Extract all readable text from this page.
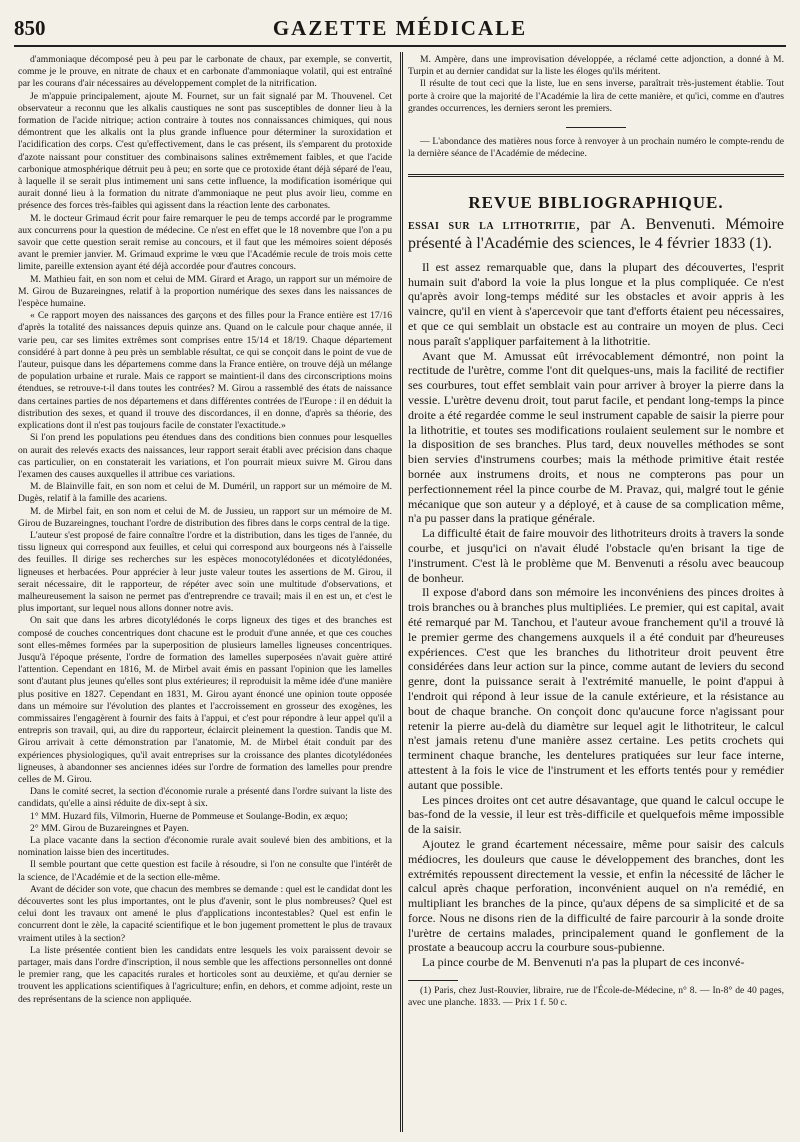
850	GAZETTE MÉDICALE

d'ammoniaque décomposé peu à peu par le carbonate de chaux, par exemple, se convertit, comme je le prouve, en nitrate de chaux et en carbonate d'ammoniaque volatil, qui est entraîné par les courans d'air nécessaires au développement complet de la nitrification.

Je m'appuie principalement, ajoute M. Fournet, sur un fait signalé par M. Thouvenel. Cet observateur a reconnu que les alkalis caustiques ne sont pas susceptibles de donner lieu à la formation de l'acide nitrique; action contraire à toutes nos connaissances chimiques, qui nous démontrent que les alkalis ont la plus grande influence pour déterminer la suroxidation et l'acidification des corps. C'est qu'effectivement, dans le cas présent, ils s'emparent du protoxide d'azote naissant pour constituer des combinaisons salines extrêmement faibles, et que l'acide carbonique atmosphérique détruit peu à peu; en sorte que ce protoxide étant déjà séparé de l'eau, à laquelle il se serait plus intimement uni sans cette influence, la modification isomérique qui aurait donné lieu à la formation du nitrate d'ammoniaque ne peut plus avoir lieu, comme en présence des forces très-faibles qui agissent dans la réaction lente des carbonates.

M. le docteur Grimaud écrit pour faire remarquer le peu de temps accordé par le programme aux concurrens pour la question de médecine. Ce n'est en effet que le 18 novembre que l'on a pu savoir que cette question serait remise au concours, et il faut que les mémoires soient déposés avant le premier janvier. M. Grimaud exprime le vœu que l'Académie recule de trois mois cette limite, pareille extension ayant été déjà accordée pour d'autres concours.

M. Mathieu fait, en son nom et celui de MM. Girard et Arago, un rapport sur un mémoire de M. Girou de Buzareingnes, relatif à la proportion numérique des sexes dans les naissances de l'espèce humaine.

« Ce rapport moyen des naissances des garçons et des filles pour la France entière est 17/16 d'après la totalité des naissances depuis quinze ans. Quand on le calcule pour chaque année, il varie peu, car ses limites extrêmes sont comprises entre 15/14 et 18/19. Chaque département considéré à part donne à peu près un semblable résultat, ce qui se conçoit dans le point de vue de l'auteur, puisque dans les départemens comme dans la France entière, on trouve déjà un mélange de population urbaine et rurale. Mais ce rapport se maintient-il dans des circonscriptions moins étendues, se retrouve-t-il dans toutes les contrées? M. Girou a rassemblé des états de naissance dans certaines parties de nos départemens et dans différentes contrées de l'Europe : il en déduit la distribution des sexes, et quand il trouve des discordances, il en donne, d'après sa théorie, des explications dont il n'est pas toujours facile de constater l'exactitude.»

Si l'on prend les populations peu étendues dans des conditions bien connues pour lesquelles on aurait des relevés exacts des naissances, leur rapport serait établi avec précision dans chaque cas particulier, on en constaterait les variations, et l'on pourrait mieux suivre M. Girou dans l'examen des causes auxquelles il attribue ces variations.

M. de Blainville fait, en son nom et celui de M. Duméril, un rapport sur un mémoire de M. Dugès, relatif à la famille des acariens.

M. de Mirbel fait, en son nom et celui de M. de Jussieu, un rapport sur un mémoire de M. Girou de Buzareingnes, touchant l'ordre de distribution des fibres dans le corps central de la tige.

L'auteur s'est proposé de faire connaître l'ordre et la distribution, dans les tiges de l'année, du tissu ligneux qui correspond aux feuilles, et celui qui correspond aux bourgeons nés à l'aisselle des feuilles. Il dirige ses recherches sur les espèces monocotylédonées et dicotylédonées, ligneuses et herbacées. Pour apprécier à leur juste valeur toutes les assertions de M. Girou, il serait nécessaire, dit le rapporteur, de répéter avec soin une multitude d'observations, et malheureusement la saison ne permet pas d'entreprendre ce travail; mais il en est un, et c'est le plus important, sur lequel nous allons donner notre avis.

On sait que dans les arbres dicotylédonés le corps ligneux des tiges et des branches est composé de couches concentriques dont chacune est le produit d'une année, et que ces couches sont elles-mêmes formées par la superposition de plusieurs lamelles ligneuses concentriques. Jusqu'à l'époque présente, l'ordre de formation des lamelles superposées n'avait guère attiré l'attention. Cependant en 1816, M. de Mirbel avait émis en passant l'opinion que les lamelles sont d'autant plus jeunes qu'elles sont plus extérieures; il reproduisit la même idée d'une manière plus positive en 1827. Cependant en 1831, M. Girou ayant énoncé une opinion toute opposée dans un mémoire sur l'évolution des plantes et l'accroissement en grosseur des exogènes, les commissaires l'engagèrent à fournir des faits à l'appui, et c'est pour répondre à leur appel qu'il a entrepris son travail, qui, au dire du rapporteur, éclaircit pleinement la question. Tandis que M. Girou arrivait à cette démonstration par l'anatomie, M. de Mirbel était conduit par des expériences physiologiques, qu'il avait entreprises sur la croissance des plantes dicotylédonées ligneuses, à abandonner ses anciennes idées sur l'ordre de formation des lamelles pour prendre celles de M. Girou.

Dans le comité secret, la section d'économie rurale a présenté dans l'ordre suivant la liste des candidats, qu'elle a ainsi réduite de dix-sept à six.

1° MM. Huzard fils, Vilmorin, Huerne de Pommeuse et Soulange-Bodin, ex æquo;

2° MM. Girou de Buzareingnes et Payen.

La place vacante dans la section d'économie rurale avait soulevé bien des ambitions, et la nomination laisse bien des incertitudes.

Il semble pourtant que cette question est facile à résoudre, si l'on ne consulte que l'intérêt de la science, de l'Académie et de la section elle-même.

Avant de décider son vote, que chacun des membres se demande : quel est le candidat dont les découvertes sont les plus importantes, ont le plus d'avenir, sont le plus nombreuses? Quel est celui dont les travaux ont amené le plus d'applications incontestables? Quel est enfin le concurrent dont le zèle, la capacité scientifique et le bon jugement promettent le plus de travaux vraiment utiles à la section?

La liste présentée contient bien les candidats entre lesquels les voix paraissent devoir se partager, mais dans l'ordre d'inscription, il nous semble que les affections personnelles ont donné le premier rang, que les capacités rurales et horticoles sont au deuxième, et qu'au dernier se trouvent les applications scientifiques à l'agriculture; enfin, en dehors, et comme adjoint, reste un des représentans de la science non appliquée.

M. Ampère, dans une improvisation développée, a réclamé cette adjonction, a donné à M. Turpin et au dernier candidat sur la liste les éloges qu'ils méritent.

Il résulte de tout ceci que la liste, lue en sens inverse, paraîtrait très-justement établie. Tout porte à croire que la majorité de l'Académie la lira de cette manière, et qu'ici, comme en d'autres grandes occurrences, les derniers seront les premiers.

— L'abondance des matières nous force à renvoyer à un prochain numéro le compte-rendu de la dernière séance de l'Académie de médecine.

REVUE BIBLIOGRAPHIQUE.
ESSAI SUR LA LITHOTRITIE, par A. Benvenuti. Mémoire présenté à l'Académie des sciences, le 4 février 1833 (1).

Il est assez remarquable que, dans la plupart des découvertes, l'esprit humain suit d'abord la voie la plus longue et la plus compliquée. Ce n'est qu'après avoir long-temps médité sur les obstacles et avoir appris à les vaincre, qu'il en vient à s'apercevoir que tant d'efforts étaient peu nécessaires, et que ce qui semblait un obstacle est au contraire un moyen de plus. Ceci nous paraît s'appliquer parfaitement à la lithotritie.

Avant que M. Amussat eût irrévocablement démontré, non point la rectitude de l'urètre, comme l'ont dit quelques-uns, mais la facilité de rectifier ses courbures, tout effet semblait vain pour arriver à broyer la pierre dans la vessie. L'urètre devenu droit, tout parut facile, et pendant long-temps la pince droite a été regardée comme le seul instrument capable de saisir la pierre pour la lithotritie, et toutes ses modifications roulaient seulement sur le nombre et la disposition de ses branches. Plus tard, deux nouvelles méthodes se sont bien servies d'instrumens courbes; mais la méthode primitive était restée bornée aux instrumens droits, et nous ne compterons pas pour un perfectionnement réel la pince courbe de M. Pravaz, qui, malgré tout le génie mécanique que son auteur y a déployé, et à cause de sa complication même, n'a pu passer dans la pratique générale.

La difficulté était de faire mouvoir des lithotriteurs droits à travers la sonde courbe, et jusqu'ici on n'avait éludé l'obstacle qu'en brisant la tige de l'instrument. C'est là le problème que M. Benvenuti a résolu avec beaucoup de bonheur.

Il expose d'abord dans son mémoire les inconvéniens des pinces droites à trois branches ou à branches plus multipliées. Le premier, qui est capital, avait été remarqué par M. Tanchou, et l'auteur avoue franchement qu'il a trouvé là le premier germe des changemens auxquels il a été conduit par d'heureuses expériences. C'est que les branches du lithotriteur droit peuvent être considérées dans leur action sur la pince, comme autant de leviers du second genre, dont la puissance serait à l'extrémité manuelle, le point d'appui à l'endroit qui répond à leur issue de la canule extérieure, et la résistance au bout de chaque branche. On conçoit donc qu'aucune force n'agissant pour retenir la pierre au-delà du diamètre sur lequel agit le lithotriteur, le calcul n'est jamais retenu d'une manière assez certaine. Les petits crochets qui terminent chaque branche, les dentelures pratiquées sur leur face interne, attestent à la fois le vice de l'instrument et les efforts tentés pour y remédier autant que possible.

Les pinces droites ont cet autre désavantage, que quand le calcul occupe le bas-fond de la vessie, il leur est très-difficile et quelquefois même impossible de la saisir.

Ajoutez le grand écartement nécessaire, même pour saisir des calculs médiocres, les douleurs que cause le développement des branches, dont les extrémités repoussent directement la vessie, et enfin la nécessité de lâcher le calcul après chaque perforation, inconvénient auquel on n'a remédié, en multipliant les branches de la pince, qu'aux dépens de sa simplicité et de sa force. Nous ne disons rien de la difficulté de faire parcourir à la sonde droite l'urètre de certains malades, principalement quand le gonflement de la prostate a beaucoup accru la courbure sous-pubienne.

La pince courbe de M. Benvenuti n'a pas la plupart de ces inconvé-

(1) Paris, chez Just-Rouvier, libraire, rue de l'École-de-Médecine, n° 8. — In-8° de 40 pages, avec une planche. 1833. — Prix 1 f. 50 c.
